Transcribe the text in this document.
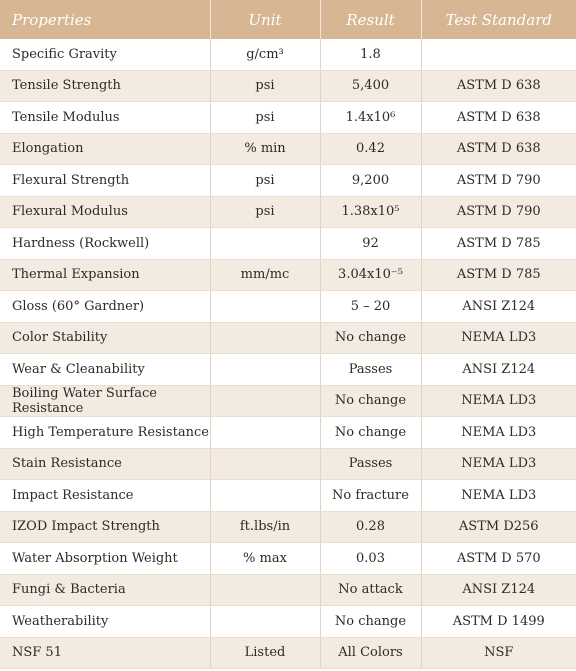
Properties	Unit	Result	Test Standard
Specific Gravity	g/cm³	1.8	
Tensile Strength	psi	5,400	ASTM D 638
Tensile Modulus	psi	1.4x10⁶	ASTM D 638
Elongation	% min	0.42	ASTM D 638
Flexural Strength	psi	9,200	ASTM D 790
Flexural Modulus	psi	1.38x10⁵	ASTM D 790
Hardness (Rockwell)		92	ASTM D 785
Thermal Expansion	mm/mc	3.04x10⁻⁵	ASTM D 785
Gloss (60° Gardner)		5 – 20	ANSI Z124
Color Stability		No change	NEMA LD3
Wear & Cleanability		Passes	ANSI Z124
Boiling Water Surface Resistance		No change	NEMA LD3
High Temperature Resistance		No change	NEMA LD3
Stain Resistance		Passes	NEMA LD3
Impact Resistance		No fracture	NEMA LD3
IZOD Impact Strength	ft.lbs/in	0.28	ASTM D256
Water Absorption Weight	% max	0.03	ASTM D 570
Fungi & Bacteria		No attack	ANSI Z124
Weatherability		No change	ASTM D 1499
NSF 51	Listed	All Colors	NSF
